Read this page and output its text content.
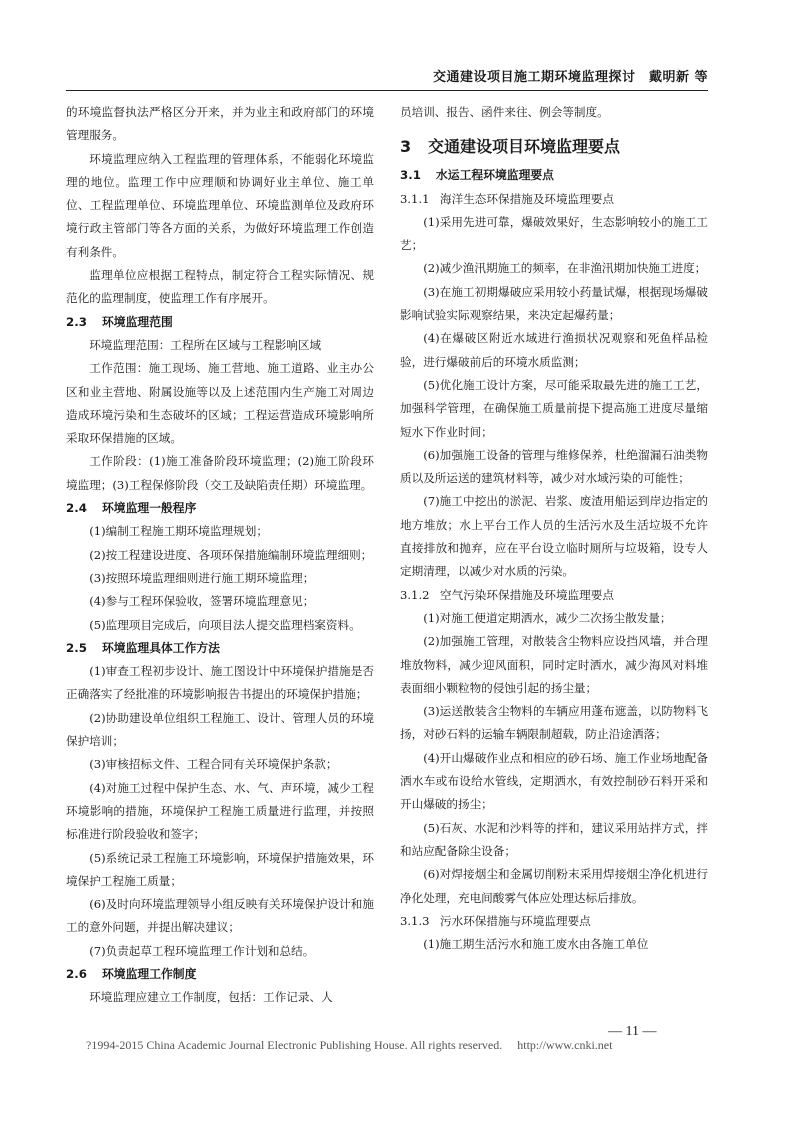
交通建设项目施工期环境监理探讨　戴明新 等

的环境监督执法严格区分开来，并为业主和政府部门的环境管理服务。

环境监理应纳入工程监理的管理体系，不能弱化环境监理的地位。监理工作中应理顺和协调好业主单位、施工单位、工程监理单位、环境监理单位、环境监测单位及政府环境行政主管部门等各方面的关系，为做好环境监理工作创造有利条件。

监理单位应根据工程特点，制定符合工程实际情况、规范化的监理制度，使监理工作有序展开。

2.3 环境监理范围

环境监理范围：工程所在区域与工程影响区域

工作范围：施工现场、施工营地、施工道路、业主办公区和业主营地、附属设施等以及上述范围内生产施工对周边造成环境污染和生态破坏的区域；工程运营造成环境影响所采取环保措施的区域。

工作阶段：(1)施工准备阶段环境监理；(2)施工阶段环境监理；(3)工程保修阶段（交工及缺陷责任期）环境监理。

2.4 环境监理一般程序

(1)编制工程施工期环境监理规划；

(2)按工程建设进度、各项环保措施编制环境监理细则；

(3)按照环境监理细则进行施工期环境监理；

(4)参与工程环保验收，签署环境监理意见；

(5)监理项目完成后，向项目法人提交监理档案资料。

2.5 环境监理具体工作方法

(1)审查工程初步设计、施工图设计中环境保护措施是否正确落实了经批准的环境影响报告书提出的环境保护措施；

(2)协助建设单位组织工程施工、设计、管理人员的环境保护培训；

(3)审核招标文件、工程合同有关环境保护条款；

(4)对施工过程中保护生态、水、气、声环境，减少工程环境影响的措施，环境保护工程施工质量进行监理，并按照标准进行阶段验收和签字；

(5)系统记录工程施工环境影响，环境保护措施效果，环境保护工程施工质量；

(6)及时向环境监理领导小组反映有关环境保护设计和施工的意外问题，并提出解决建议；

(7)负责起草工程环境监理工作计划和总结。

2.6 环境监理工作制度

环境监理应建立工作制度，包括：工作记录、人

员培训、报告、函件来往、例会等制度。

3 交通建设项目环境监理要点
3.1 水运工程环境监理要点
3.1.1 海洋生态环保措施及环境监理要点

(1)采用先进可靠，爆破效果好，生态影响较小的施工工艺；

(2)减少渔汛期施工的频率，在非渔汛期加快施工进度；

(3)在施工初期爆破应采用较小药量试爆，根据现场爆破影响试验实际观察结果，来决定起爆药量；

(4)在爆破区附近水域进行渔损状况观察和死鱼样品检验，进行爆破前后的环境水质监测；

(5)优化施工设计方案，尽可能采取最先进的施工工艺，加强科学管理，在确保施工质量前提下提高施工进度尽量缩短水下作业时间；

(6)加强施工设备的管理与维修保养，杜绝溜漏石油类物质以及所运送的建筑材料等，减少对水域污染的可能性；

(7)施工中挖出的淤泥、岩浆、废渣用船运到岸边指定的地方堆放；水上平台工作人员的生活污水及生活垃圾不允许直接排放和抛弃，应在平台设立临时厕所与垃圾箱，设专人定期清理，以减少对水质的污染。

3.1.2 空气污染环保措施及环境监理要点

(1)对施工便道定期洒水，减少二次扬尘散发量；

(2)加强施工管理，对散装含尘物料应设挡风墙，并合理堆放物料，减少迎风面积，同时定时洒水，减少海风对料堆表面细小颗粒物的侵蚀引起的扬尘量；

(3)运送散装含尘物料的车辆应用蓬布遮盖，以防物料飞扬，对砂石料的运输车辆限制超载，防止沿途洒落；

(4)开山爆破作业点和相应的砂石场、施工作业场地配备洒水车或布设给水管线，定期洒水，有效控制砂石料开采和开山爆破的扬尘；

(5)石灰、水泥和沙料等的拌和，建议采用站拌方式，拌和站应配备除尘设备；

(6)对焊接烟尘和金属切削粉末采用焊接烟尘净化机进行净化处理，充电间酸雾气体应处理达标后排放。

3.1.3 污水环保措施与环境监理要点

(1)施工期生活污水和施工废水由各施工单位

— 11 —
?1994-2015 China Academic Journal Electronic Publishing House. All rights reserved.　 http://www.cnki.net
